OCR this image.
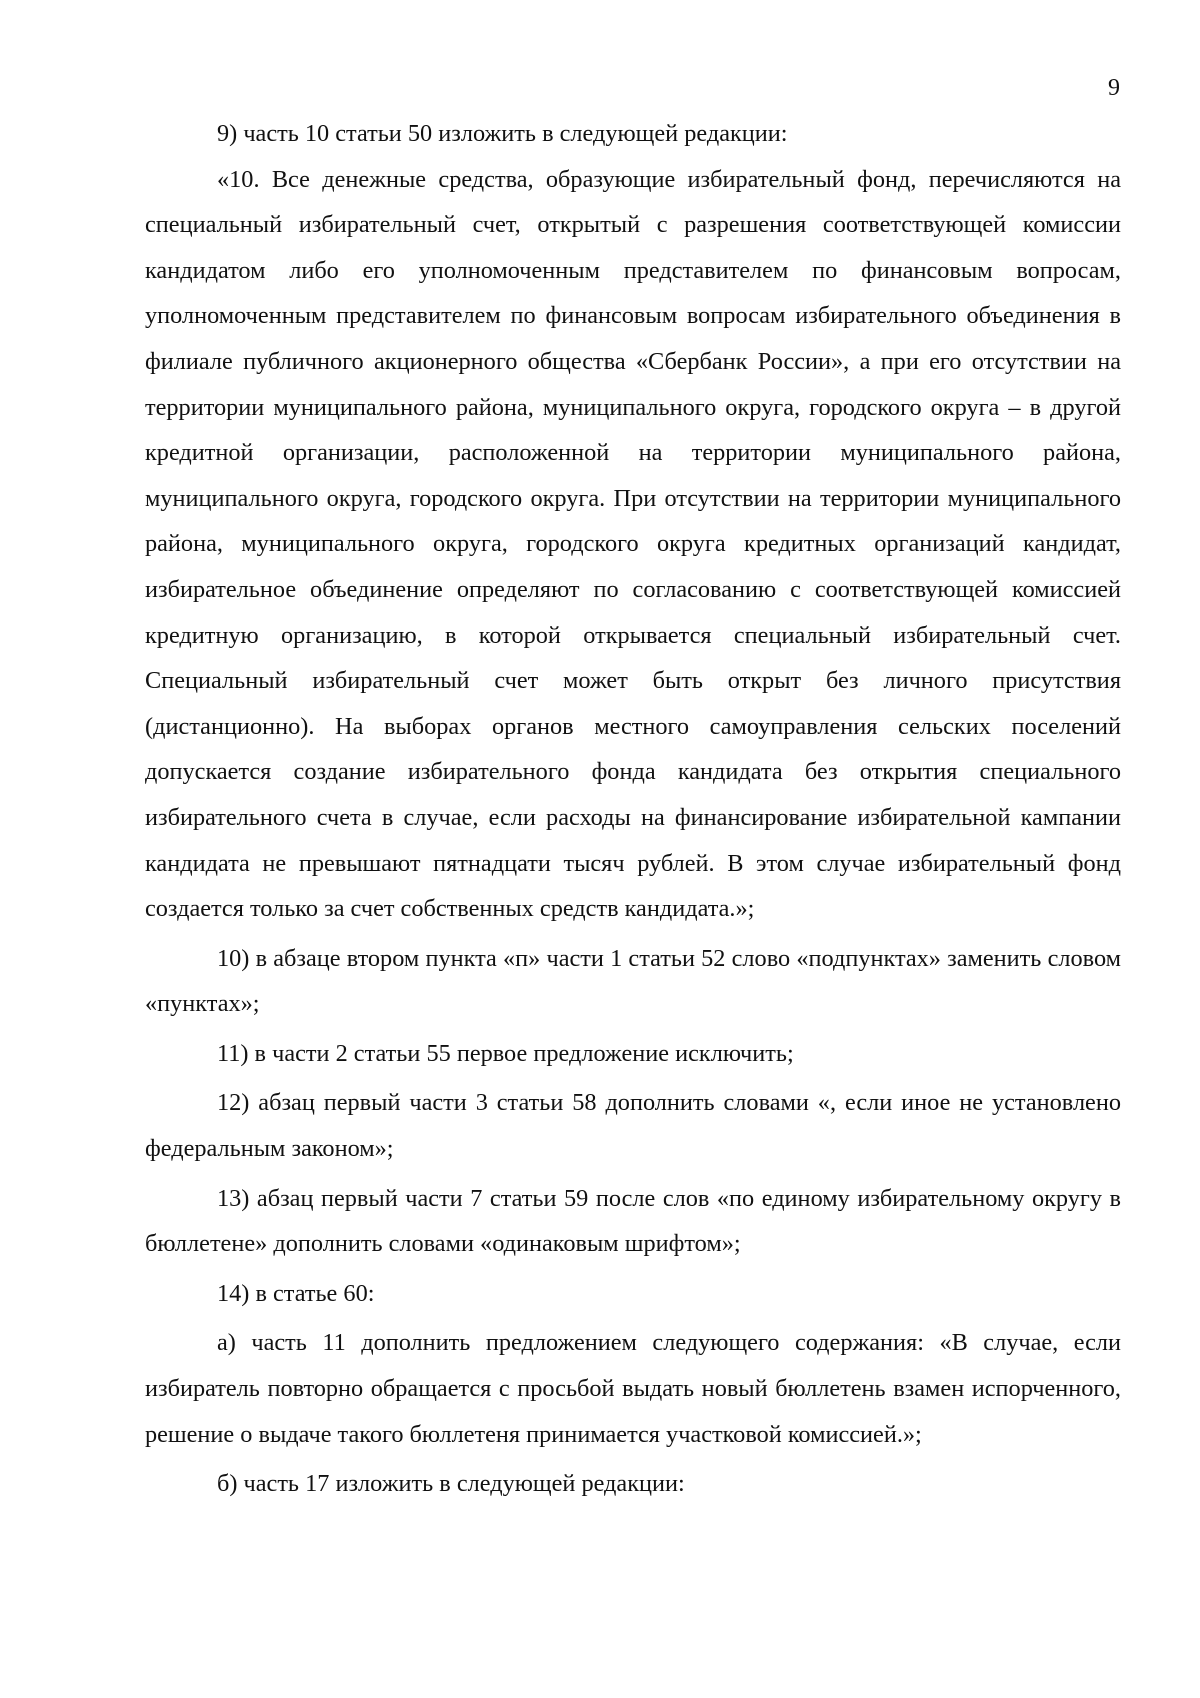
9

9) часть 10 статьи 50 изложить в следующей редакции:

«10. Все денежные средства, образующие избирательный фонд, перечисляются на специальный избирательный счет, открытый с разрешения соответствующей комиссии кандидатом либо его уполномоченным представителем по финансовым вопросам, уполномоченным представителем по финансовым вопросам избирательного объединения в филиале публичного акционерного общества «Сбербанк России», а при его отсутствии на территории муниципального района, муниципального округа, городского округа – в другой кредитной организации, расположенной на территории муниципального района, муниципального округа, городского округа. При отсутствии на территории муниципального района, муниципального округа, городского округа кредитных организаций кандидат, избирательное объединение определяют по согласованию с соответствующей комиссией кредитную организацию, в которой открывается специальный избирательный счет. Специальный избирательный счет может быть открыт без личного присутствия (дистанционно). На выборах органов местного самоуправления сельских поселений допускается создание избирательного фонда кандидата без открытия специального избирательного счета в случае, если расходы на финансирование избирательной кампании кандидата не превышают пятнадцати тысяч рублей. В этом случае избирательный фонд создается только за счет собственных средств кандидата.»;

10) в абзаце втором пункта «п» части 1 статьи 52 слово «подпунктах» заменить словом «пунктах»;

11) в части 2 статьи 55 первое предложение исключить;

12) абзац первый части 3 статьи 58 дополнить словами «, если иное не установлено федеральным законом»;

13) абзац первый части 7 статьи 59 после слов «по единому избирательному округу в бюллетене» дополнить словами «одинаковым шрифтом»;

14) в статье 60:

а) часть 11 дополнить предложением следующего содержания: «В случае, если избиратель повторно обращается с просьбой выдать новый бюллетень взамен испорченного, решение о выдаче такого бюллетеня принимается участковой комиссией.»;

б) часть 17 изложить в следующей редакции:
